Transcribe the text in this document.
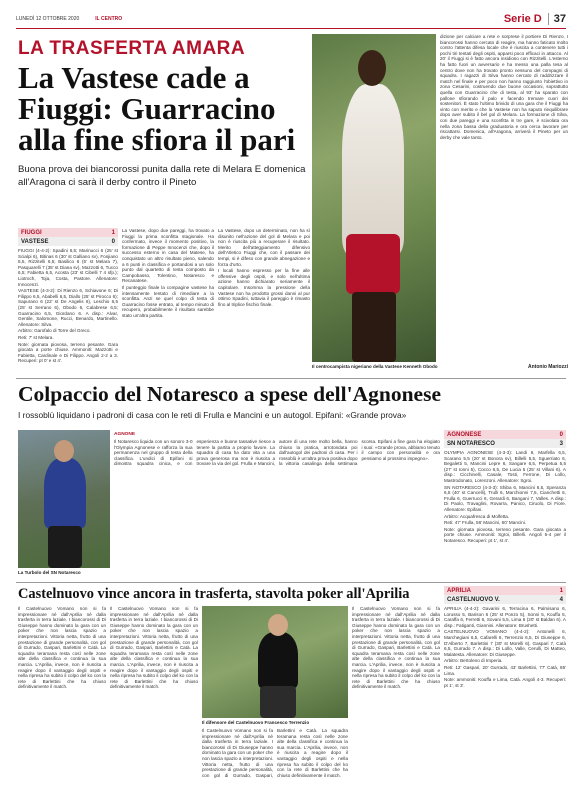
LUNEDÌ 12 OTTOBRE 2020	IL CENTRO	Serie D	37
LA TRASFERTA AMARA
La Vastese cade a Fiuggi: Guarracino alla fine sfiora il pari
Buona prova dei biancorossi punita dalla rete di Melara E domenica all'Aragona ci sarà il derby contro il Pineto
Il centrocampista nigeriano della Vastese Kenneth Obodo

dizione per calciare a rete e sorprese il portiere Di Rienzo. I biancorossi hanno cercato di reagire, ma hanno faticato molto contro l'attenta difesa locale che è riuscita a contenere tutti i pochi tiri tentati degli ospiti, apparsi poco efficaci in attacco. Al 20' il Fiuggi si è fatto ancora insidioso con Rizzitelli. L'esterno ha fatto fuori un avversario e ha messo una palla tesa al centro dove non ha trovato pronto nessuno del compagni di squadra. I ragazzi di Silva hanno cercato di raddrizzare il match nel finale e per poco non hanno raggiunto l'obiettivo in zona Cesarini, costruendo due buone occasioni, soprattutto quella con Guarracino che di testa, al 93' ha sparato con pallone sfiorando il palo e facendo tremare cuori dei sostenitori. È stato l'ultimo brivido di una gara che il Fiuggi ha vinto con merito e che la Vastese non ha saputo riequilibrare dopo aver subito il bel gol di Melara. La formazione di Silva, con due pareggi e una sconfitta in tre gare, è scivolata ora nella zona bassa della graduatoria e ora cerca lavorare per riscattarsi. Domenica, all'Aragona, arriverà il Pineto per un derby che vale tanto.

Antonio Mariozzi
FIUGGI	1
VASTESE	0

FIUGGI (4-4-2): Spadini 6,5; Marinucci 6 (25' st Scialpi 6), Bitinas 6 (30' st Galliano sv), Fonjiano 6,5, Rizzitelli 6,5; Basilico 6 (5' st Melara 7), Pasquarelli 7 (35' st Diana sv), Mazzotti 6, Tucco 6,5; Fabietta 6,5, Acosta (23' st Cibelli 7 4 sfp.); Liotroch, Toja, Costa, Pastore. Allenatore: Innocenzi.

VASTESE (4-3-2): Di Rienzo 6, Schiavone 6; Di Filippo 6,5, Ababelli 6,5, Diallo (25' st Pirocco 6); Sapurano 6 (22' st De Angelis 6), Leschio 6,5 (25' st Serrano 6), Obodo 6, Calabrese 6,5; Guarracino 6,5, Giordano 6. A disp.: Alvar, Gentile, Salomone, Rucci, Benardo, Martinello. Allenatore: Silva.

Arbitro: Garofalo di Torre del Greco.

Reti: 7' st Melara.

Note: giornata piovosa, terreno pesante. Gara giocata a porte chiuse. Ammoniti: Mazzotti e Fabietta, Cardinale e Di Filippo. Angoli 2-2 a 3. Recuperi: pt 0' e st 4'.

La Vastese, dopo due pareggi, ha trovato a Fiuggi la prima sconfitta stagionale. Ha confermato, invece il momento positivo, la formazione di Peppe Innocenzi che, dopo il successo esterno in casa del Matese, ha conquistato un altro risultato pieno, salendo a 6 punti in classifica e portandosi a un solo punto dal quartetto di testa composto da Campobasso, Tolentino, Notaresco e Recanatese.

Il punteggio finale la compagine vastese ha intensamente tentato di rimediare a la sconfitta. Anzi se quel colpo di testa di Guarracino fosse entrato, al tempo minuto di recupero, probabilmente il risultato sarebbe stato un'altra partita.

La Vastese, dopo un determinato, non ha sì disunito nell'azione del gol di Melara e poi non è riuscita più a recuperare il risultato. Merito dell'atteggiamento difensivo dell'Atletico Fiuggi che, con il passare dei tempi, si è difeso con grande abnegazione e forza d'urto.

I locali hanno espresso per la fine alle offensive degli ospiti, e solo nell'ultima azione hanno dichiarato seriamente il capitolare. Insomma la pressione della Vastese non ha prodotto grossi danni al pur ottimo Spadini, tuttavia il pareggio è rimasto fino al triplice fischio finale.

Colpaccio del Notaresco a spese dell'Agnonese
I rossoblù liquidano i padroni di casa con le reti di Frulla e Mancini e un autogol. Epifani: «Grande prova»
La Turbolo del SN Notaresco
AGNONE

Il Notaresco liquida con un sonoro 3-0 l'Olympia Agnonese e rafforza la sua permanenza nel gruppo di testa della classifica. L'undici di Epifani si dimostra squadra cinica, e con esperienza e buone tassative riesce a tenere la partita a proprio favore. La squadra di casa ha dato vita a una prova generosa ma non è riuscita a trovare la via del gol. Frulla e Mancini, autore di una rete molto bella, hanno chiuso la pratica, arrotondata poi dall'autogol dei padroni di casa. Per i rossoblù è un'altra prova positiva dopo la vittoria casalinga della settimana scorsa. Epifani a fine gara ha elogiato i suoi: «Grande prova, abbiamo tenuto il campo con personalità e ora pensiamo al prossimo impegno».

AGNONESE	0
SN NOTARESCO	3

OLYMPIA AGNONESE (4-3-3): Landi 6, Marfella 6,5, Scarano 5,5 (20' st Bonora sv), Billelli 5,5, Sguerriato 6, Begaletti 5, Mancini Lepre 6, Sangare 6,5, Perpetua 5,5 (27' st Ionni 5), Cocco 6,5, De Lucia 5 (25' st Villani 6). A disp.: Cicchinelli, Casale, Tosti, Ferrone, Di Lollo, Mastrodonato, Lorenzoni. Allenatore: Sgroi.

SN NOTARESCO (4-3-3): Shiba 6, Mancini 6,5, Speranza 6,5 (40' st Cancelli), Trulli 6, Marchionni 7,5, Cianchetti 6, Frulla 6, Guerrucci 6, Gerardi 6, Bangani 7, Valles. A disp.: Di Paolo, Travaglini, Rovarra, Panico, Ciruolo, Di Fiore. Allenatore: Epifani.

Arbitro: Acquafresca di Molfetta.

Reti: 47' Frulla, 56' Mancini, 60' Mancini.

Note: giornata piovosa, terreno pesante. Gara giocata a porte chiuse. Ammoniti: Sgroi, Billelli. Angoli 5-4 per il Notaresco. Recuperi: pt 1', st 4'.

Castelnuovo vince ancora in trasferta, stavolta poker all'Aprilia

Il Castelnuovo Vomano non si fa impressionare né dall'Aprilia né dalla trasferta in terra laziale. I biancorossi di Di Giuseppe hanno dominato la gara con un poker che non lascia spazio a interpretazioni. Vittoria netta, frutto di una prestazione di grande personalità, con gol di Gurrado, Gaspari, Barlettini e Catà. La squadra teramana resta così nelle zone alte della classifica e continua la sua marcia. L'Aprilia, invece, non è riuscita a reagire dopo il vantaggio degli ospiti e nella ripresa ha subito il colpo del ko con la rete di Barlettini che ha chiuso definitivamente il match.

Il Castelnuovo Vomano non si fa impressionare né dall'Aprilia né dalla trasferta in terra laziale. I biancorossi di Di Giuseppe hanno dominato la gara con un poker che non lascia spazio a interpretazioni. Vittoria netta, frutto di una prestazione di grande personalità, con gol di Gurrado, Gaspari, Barlettini e Catà. La squadra teramana resta così nelle zone alte della classifica e continua la sua marcia. L'Aprilia, invece, non è riuscita a reagire dopo il vantaggio degli ospiti e nella ripresa ha subito il colpo del ko con la rete di Barlettini che ha chiuso definitivamente il match.

Il difensore del Castelnuovo Francesco Terrenzio

Il Castelnuovo Vomano non si fa impressionare né dall'Aprilia né dalla trasferta in terra laziale. I biancorossi di Di Giuseppe hanno dominato la gara con un poker che non lascia spazio a interpretazioni. Vittoria netta, frutto di una prestazione di grande personalità, con gol di Gurrado, Gaspari, Barlettini e Catà. La squadra teramana resta così nelle zone alte della classifica e continua la sua marcia. L'Aprilia, invece, non è riuscita a reagire dopo il vantaggio degli ospiti e nella ripresa ha subito il colpo del ko con la rete di Barlettini che ha chiuso definitivamente il match.

Il Castelnuovo Vomano non si fa impressionare né dall'Aprilia né dalla trasferta in terra laziale. I biancorossi di Di Giuseppe hanno dominato la gara con un poker che non lascia spazio a interpretazioni. Vittoria netta, frutto di una prestazione di grande personalità, con gol di Gurrado, Gaspari, Barlettini e Catà. La squadra teramana resta così nelle zone alte della classifica e continua la sua marcia. L'Aprilia, invece, non è riuscita a reagire dopo il vantaggio degli ospiti e nella ripresa ha subito il colpo del ko con la rete di Barlettini che ha chiuso definitivamente il match.

APRILIA	1
CASTELNUOVO V.	4

APRILIA (4-4-2): Gavarini 6, Terracina 6, Palmisano 6, Lorusso 5, Barison 6 (25' st Ponzo 5), Sonni 5, Kouffa 5, Caraffa 6, Ferretti 6, Sovani 5,5, Lima 6 (20' st Baldan 6). A disp.: Fatiganti, Giannini. Allenatore: Brushetti.

CASTELNUOVO VOMANO (4-4-2): Antonelli 6, Marchegiani 6,5, Cafarelli 6, Terrenzio 6,5, Di Giuseppe 6, D'Alberto 7, Barlettini 7 (30' st Morelli 6), Gaspari 7, Catà 6,5, Gurrado 7. A disp.: Di Lollo, Valle, Cerulli, Di Matteo, Malatesta. Allenatore: Di Giuseppe.

Arbitro: Bertoleno di Imperia.

Reti: 12' Gaspari, 20' Gurrado, 43' Barlettini, 77' Catà, 85' Lima.

Note: ammoniti: Kouffa e Lima, Catà. Angoli 4-3. Recuperi: pt 1', st 3'.
